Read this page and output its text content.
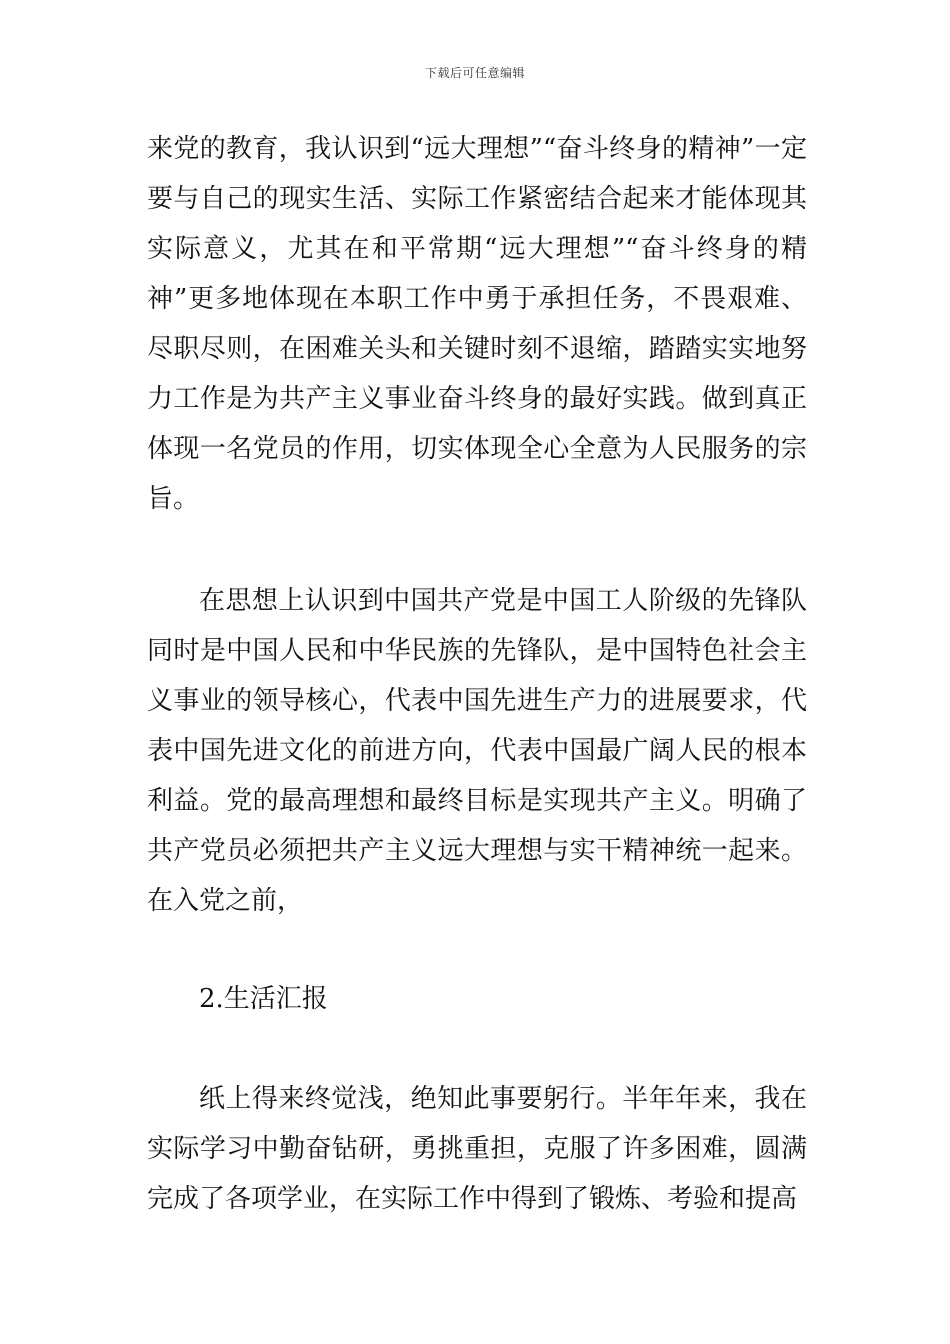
下载后可任意编辑

来党的教育，我认识到“远大理想”“奋斗终身的精神”一定要与自己的现实生活、实际工作紧密结合起来才能体现其实际意义，尤其在和平常期“远大理想”“奋斗终身的精神”更多地体现在本职工作中勇于承担任务，不畏艰难、尽职尽则，在困难关头和关键时刻不退缩，踏踏实实地努力工作是为共产主义事业奋斗终身的最好实践。做到真正体现一名党员的作用，切实体现全心全意为人民服务的宗旨。

在思想上认识到中国共产党是中国工人阶级的先锋队同时是中国人民和中华民族的先锋队，是中国特色社会主义事业的领导核心，代表中国先进生产力的进展要求，代表中国先进文化的前进方向，代表中国最广阔人民的根本利益。党的最高理想和最终目标是实现共产主义。明确了共产党员必须把共产主义远大理想与实干精神统一起来。在入党之前，

2.生活汇报

纸上得来终觉浅，绝知此事要躬行。半年年来，我在实际学习中勤奋钻研，勇挑重担，克服了许多困难，圆满完成了各项学业，在实际工作中得到了锻炼、考验和提高
